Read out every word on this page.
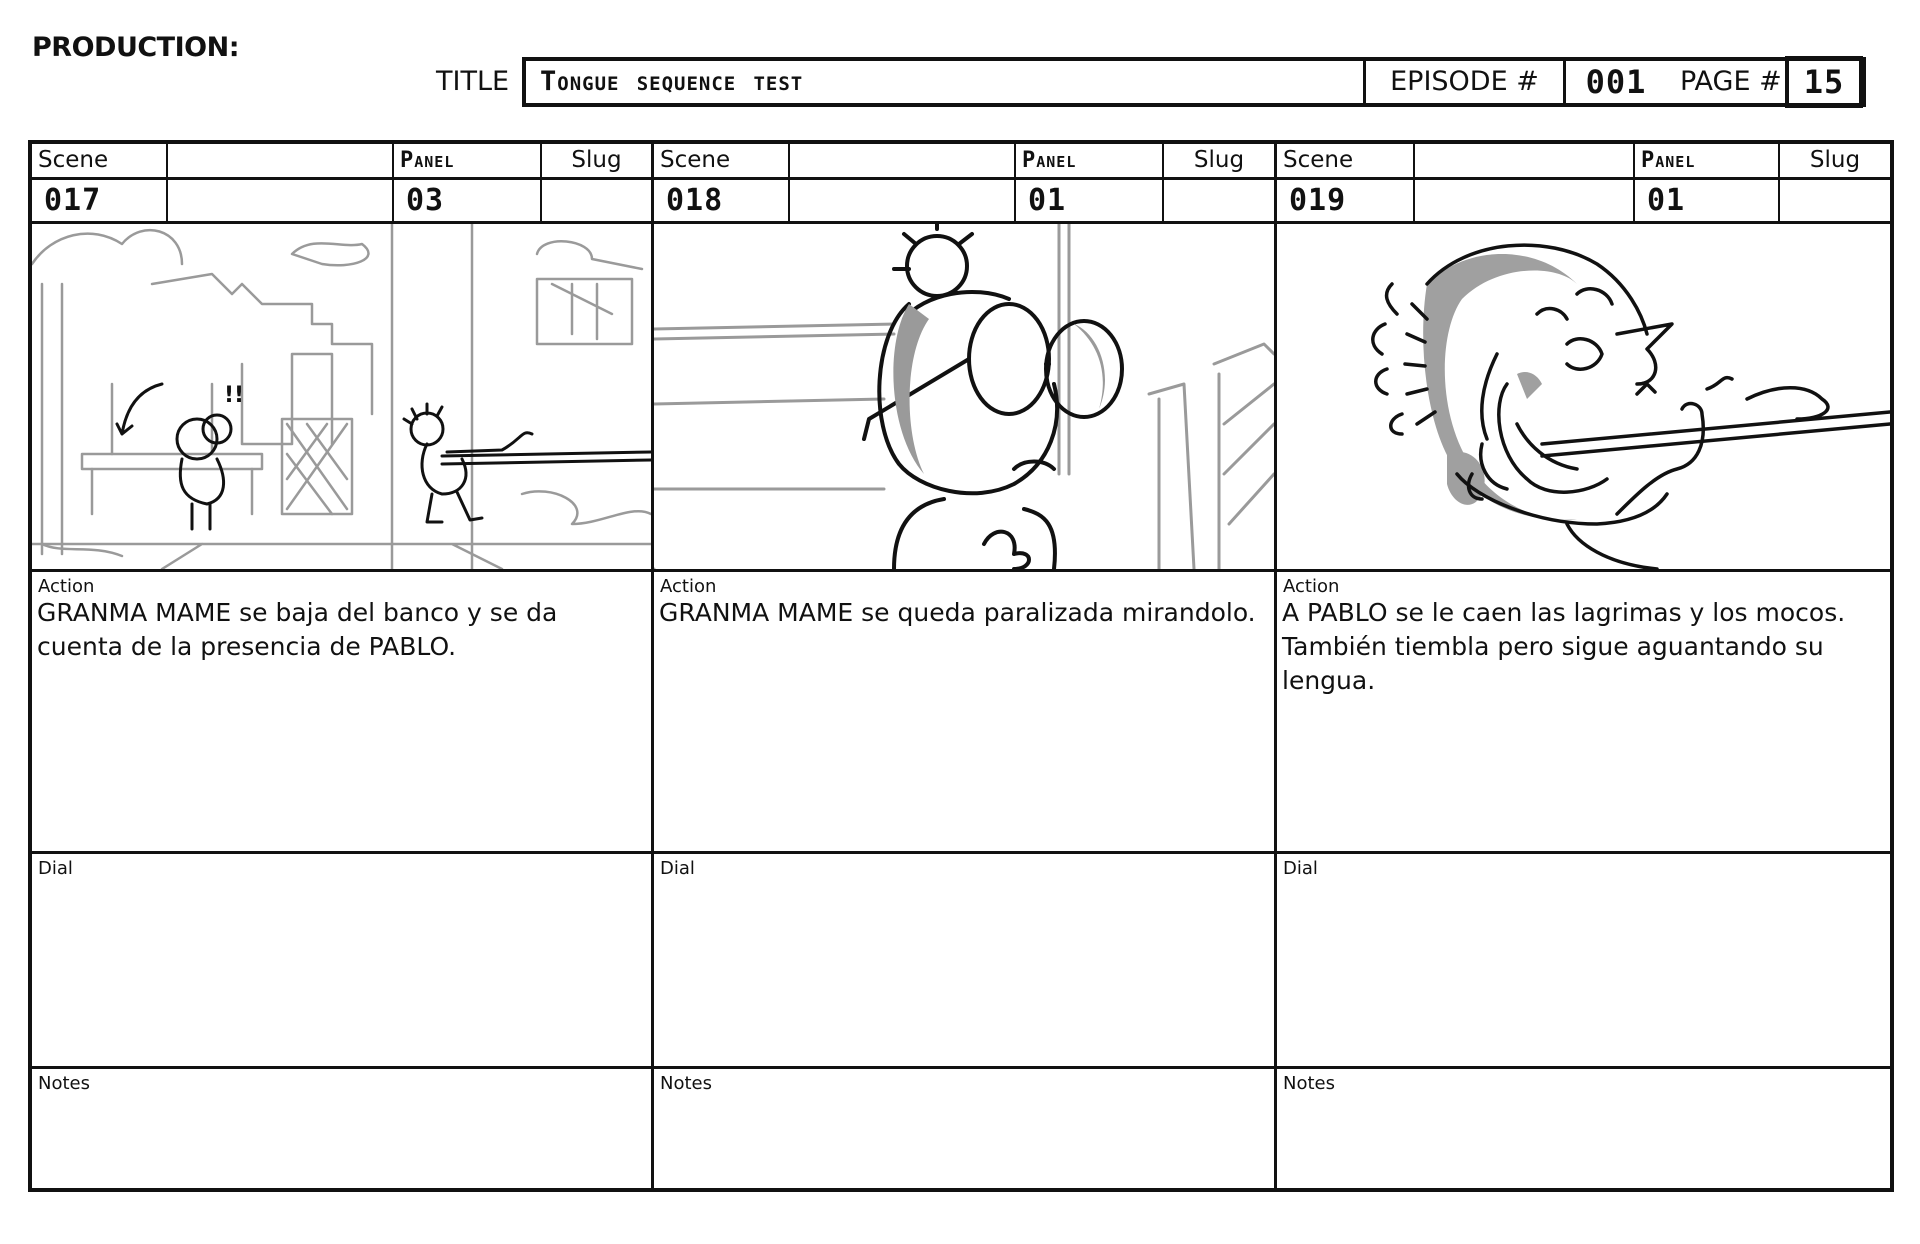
PRODUCTION:
TITLE	Tongue sequence test	EPISODE #	001	PAGE # 15
Scene	Panel	Slug
017	03
!!
Action
GRANMA MAME se baja del banco y se da cuenta de la presencia de PABLO.
Dial
Notes
Scene	Panel	Slug
018	01
Action
GRANMA MAME se queda paralizada mirandolo.
Dial
Notes
Scene	Panel	Slug
019	01
Action
A PABLO se le caen las lagrimas y los mocos. También tiembla pero sigue aguantando su lengua.
Dial
Notes
